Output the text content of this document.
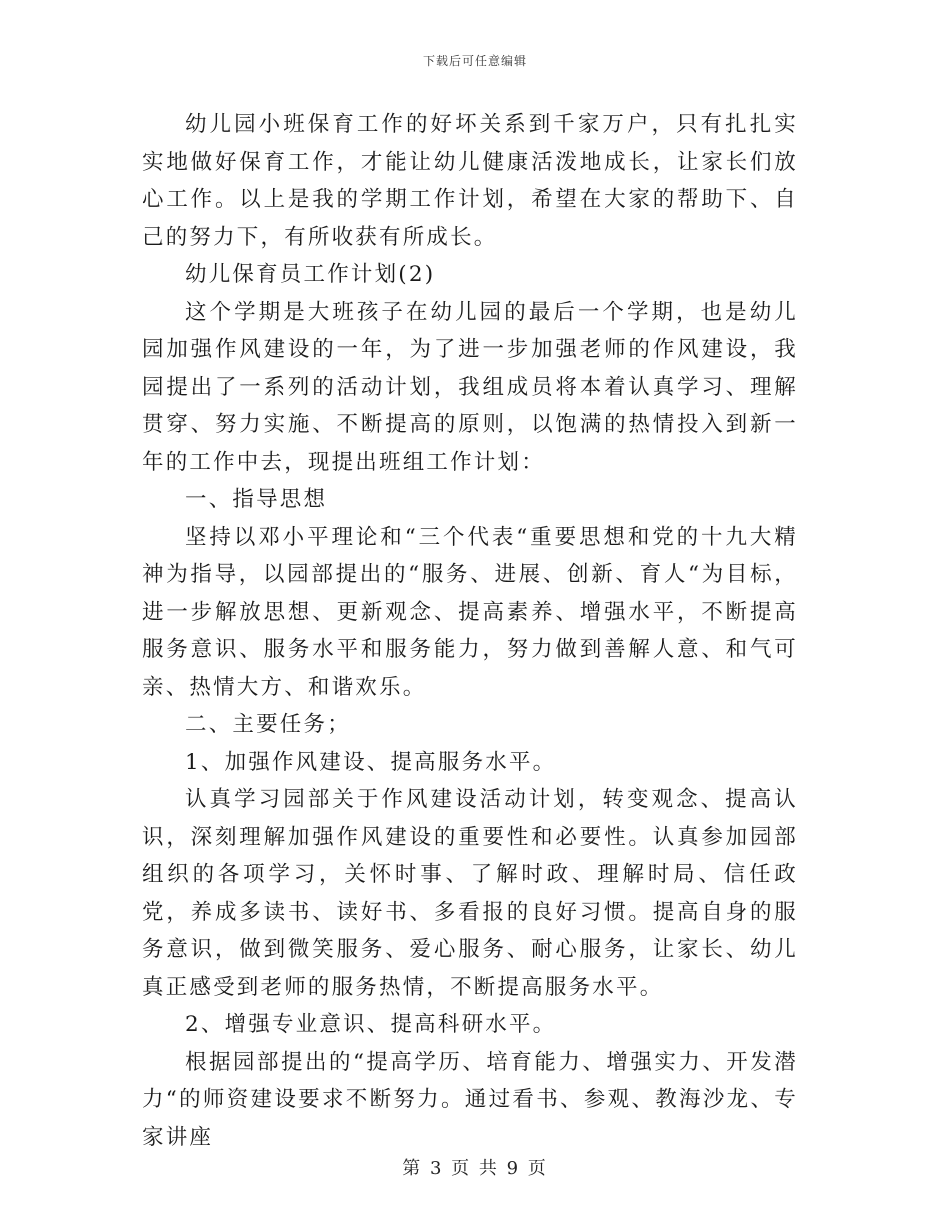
下载后可任意编辑

幼儿园小班保育工作的好坏关系到千家万户，只有扎扎实实地做好保育工作，才能让幼儿健康活泼地成长，让家长们放心工作。以上是我的学期工作计划，希望在大家的帮助下、自己的努力下，有所收获有所成长。

幼儿保育员工作计划(2)

这个学期是大班孩子在幼儿园的最后一个学期，也是幼儿园加强作风建设的一年，为了进一步加强老师的作风建设，我园提出了一系列的活动计划，我组成员将本着认真学习、理解贯穿、努力实施、不断提高的原则，以饱满的热情投入到新一年的工作中去，现提出班组工作计划：

一、指导思想

坚持以邓小平理论和“三个代表“重要思想和党的十九大精神为指导，以园部提出的“服务、进展、创新、育人“为目标，进一步解放思想、更新观念、提高素养、增强水平，不断提高服务意识、服务水平和服务能力，努力做到善解人意、和气可亲、热情大方、和谐欢乐。

二、主要任务；

1、加强作风建设、提高服务水平。

认真学习园部关于作风建设活动计划，转变观念、提高认识，深刻理解加强作风建设的重要性和必要性。认真参加园部组织的各项学习，关怀时事、了解时政、理解时局、信任政党，养成多读书、读好书、多看报的良好习惯。提高自身的服务意识，做到微笑服务、爱心服务、耐心服务，让家长、幼儿真正感受到老师的服务热情，不断提高服务水平。

2、增强专业意识、提高科研水平。

根据园部提出的“提高学历、培育能力、增强实力、开发潜力“的师资建设要求不断努力。通过看书、参观、教海沙龙、专家讲座

第 3 页 共 9 页
